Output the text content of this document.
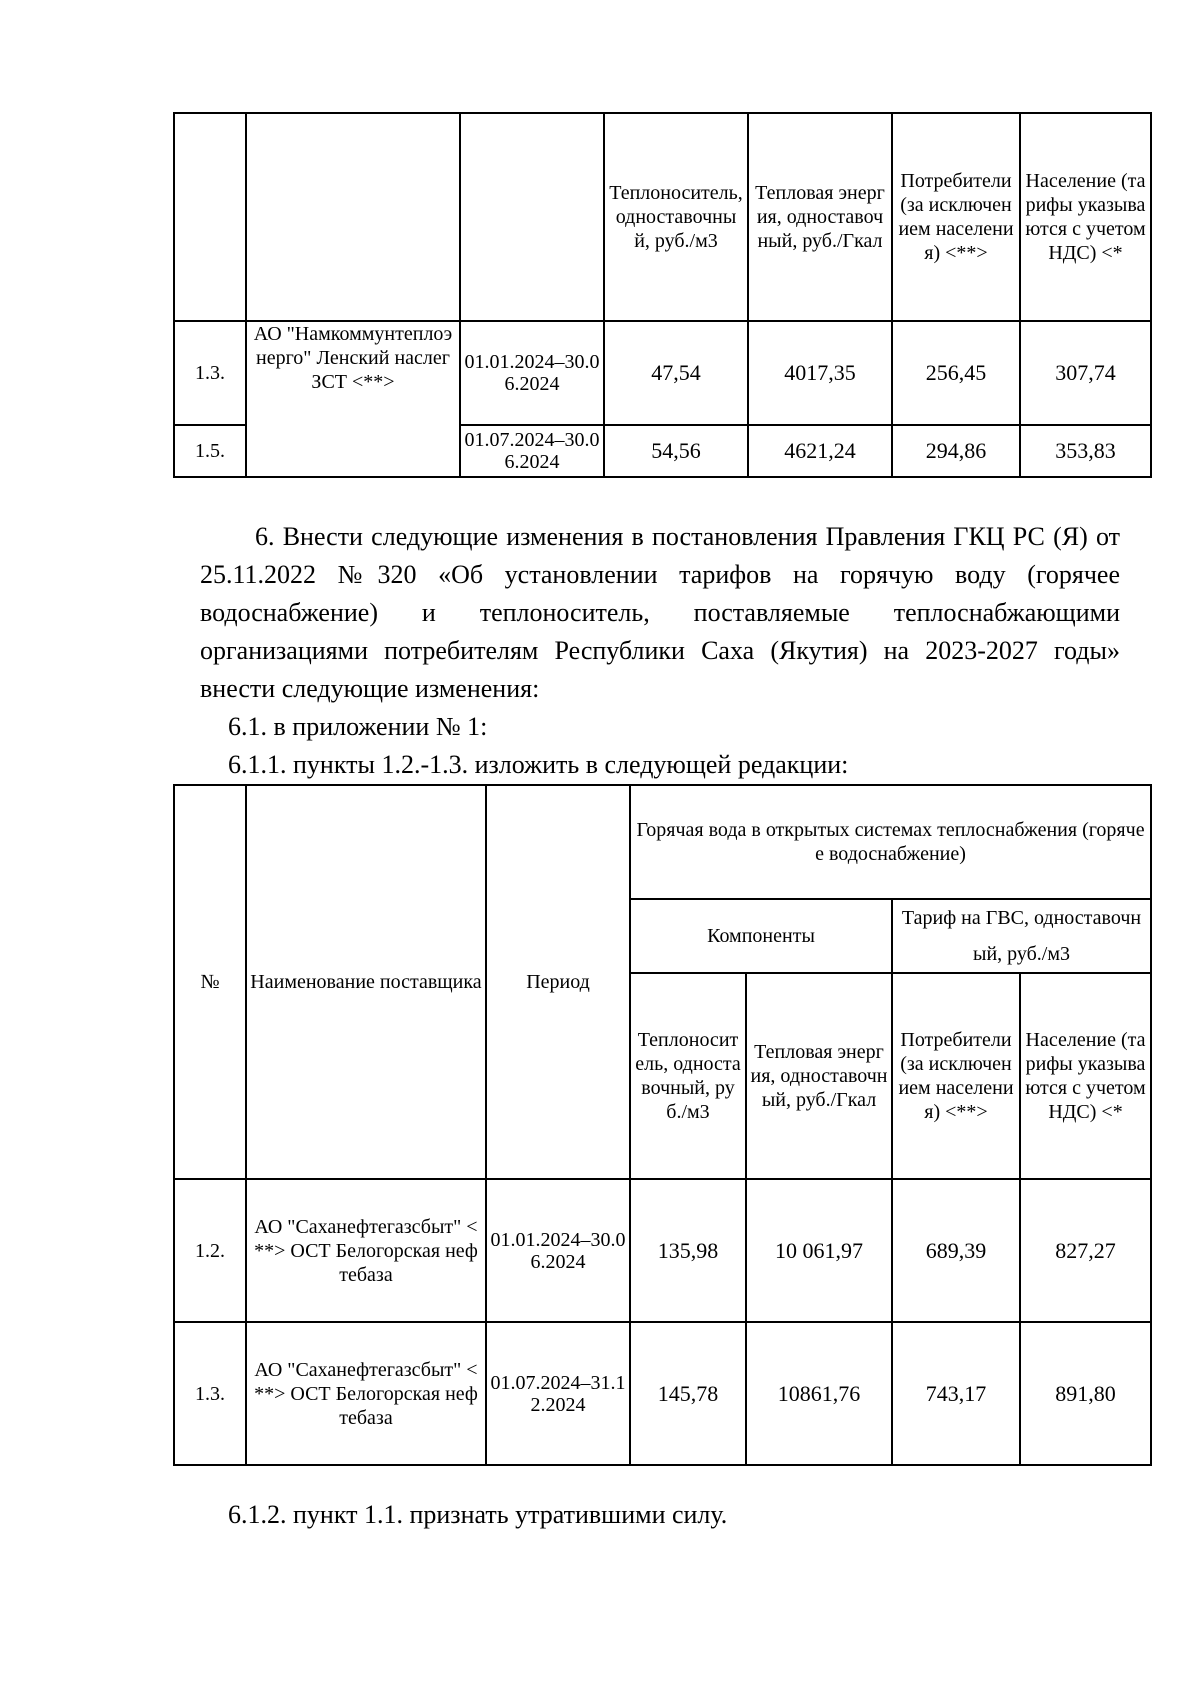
			Теплоноситель, одноставочный, руб./м3	Тепловая энергия, одноставочный, руб./Гкал	Потребители (за исключением населения) <**>	Население (тарифы указываются с учетом НДС) <*
1.3.	АО "Намкоммунтеплоэнерго" Ленский наслег ЗСТ <**>	01.01.2024–30.06.2024	47,54	4017,35	256,45	307,74
1.5.		01.07.2024–30.06.2024	54,56	4621,24	294,86	353,83

6. Внести следующие изменения в постановления Правления ГКЦ РС (Я) от 25.11.2022 №320 «Об установлении тарифов на горячую воду (горячее водоснабжение) и теплоноситель, поставляемые теплоснабжающими организациями потребителям Республики Саха (Якутия) на 2023-2027 годы» внести следующие изменения:

6.1. в приложении № 1:

6.1.1. пункты 1.2.-1.3. изложить в следующей редакции:

№	Наименование поставщика	Период	Горячая вода в открытых системах теплоснабжения (горячее водоснабжение)			
			Компоненты		Тариф на ГВС, одноставочный, руб./м3	
			Теплоноситель, одноставочный, руб./м3	Тепловая энергия, одноставочный, руб./Гкал	Потребители (за исключением населения) <**>	Население (тарифы указываются с учетом НДС) <*
1.2.	АО "Саханефтегазсбыт" <**> ОСТ Белогорская нефтебаза	01.01.2024–30.06.2024	135,98	10 061,97	689,39	827,27
1.3.	АО "Саханефтегазсбыт" <**> ОСТ Белогорская нефтебаза	01.07.2024–31.12.2024	145,78	10861,76	743,17	891,80

6.1.2. пункт 1.1. признать утратившими силу.
